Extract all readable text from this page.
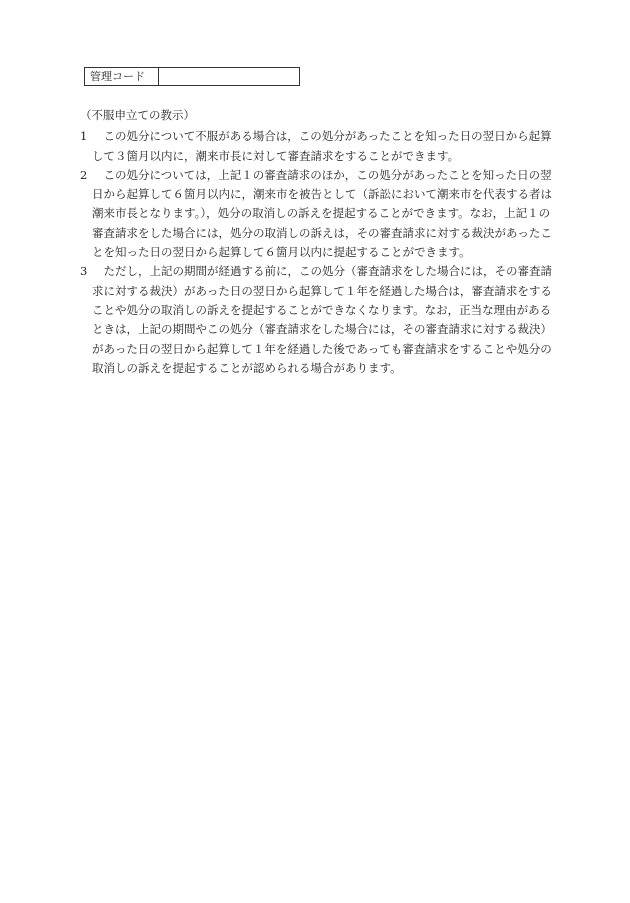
管理コード
（不服申立ての教示）
1	この処分について不服がある場合は，この処分があったことを知った日の翌日から起算して３箇月以内に，潮来市長に対して審査請求をすることができます。

2	この処分については，上記１の審査請求のほか，この処分があったことを知った日の翌日から起算して６箇月以内に，潮来市を被告として（訴訟において潮来市を代表する者は潮来市長となります。），処分の取消しの訴えを提起することができます。なお，上記１の審査請求をした場合には，処分の取消しの訴えは，その審査請求に対する裁決があったことを知った日の翌日から起算して６箇月以内に提起することができます。

3	ただし，上記の期間が経過する前に，この処分（審査請求をした場合には，その審査請求に対する裁決）があった日の翌日から起算して１年を経過した場合は，審査請求をすることや処分の取消しの訴えを提起することができなくなります。なお，正当な理由があるときは，上記の期間やこの処分（審査請求をした場合には，その審査請求に対する裁決）があった日の翌日から起算して１年を経過した後であっても審査請求をすることや処分の取消しの訴えを提起することが認められる場合があります。
